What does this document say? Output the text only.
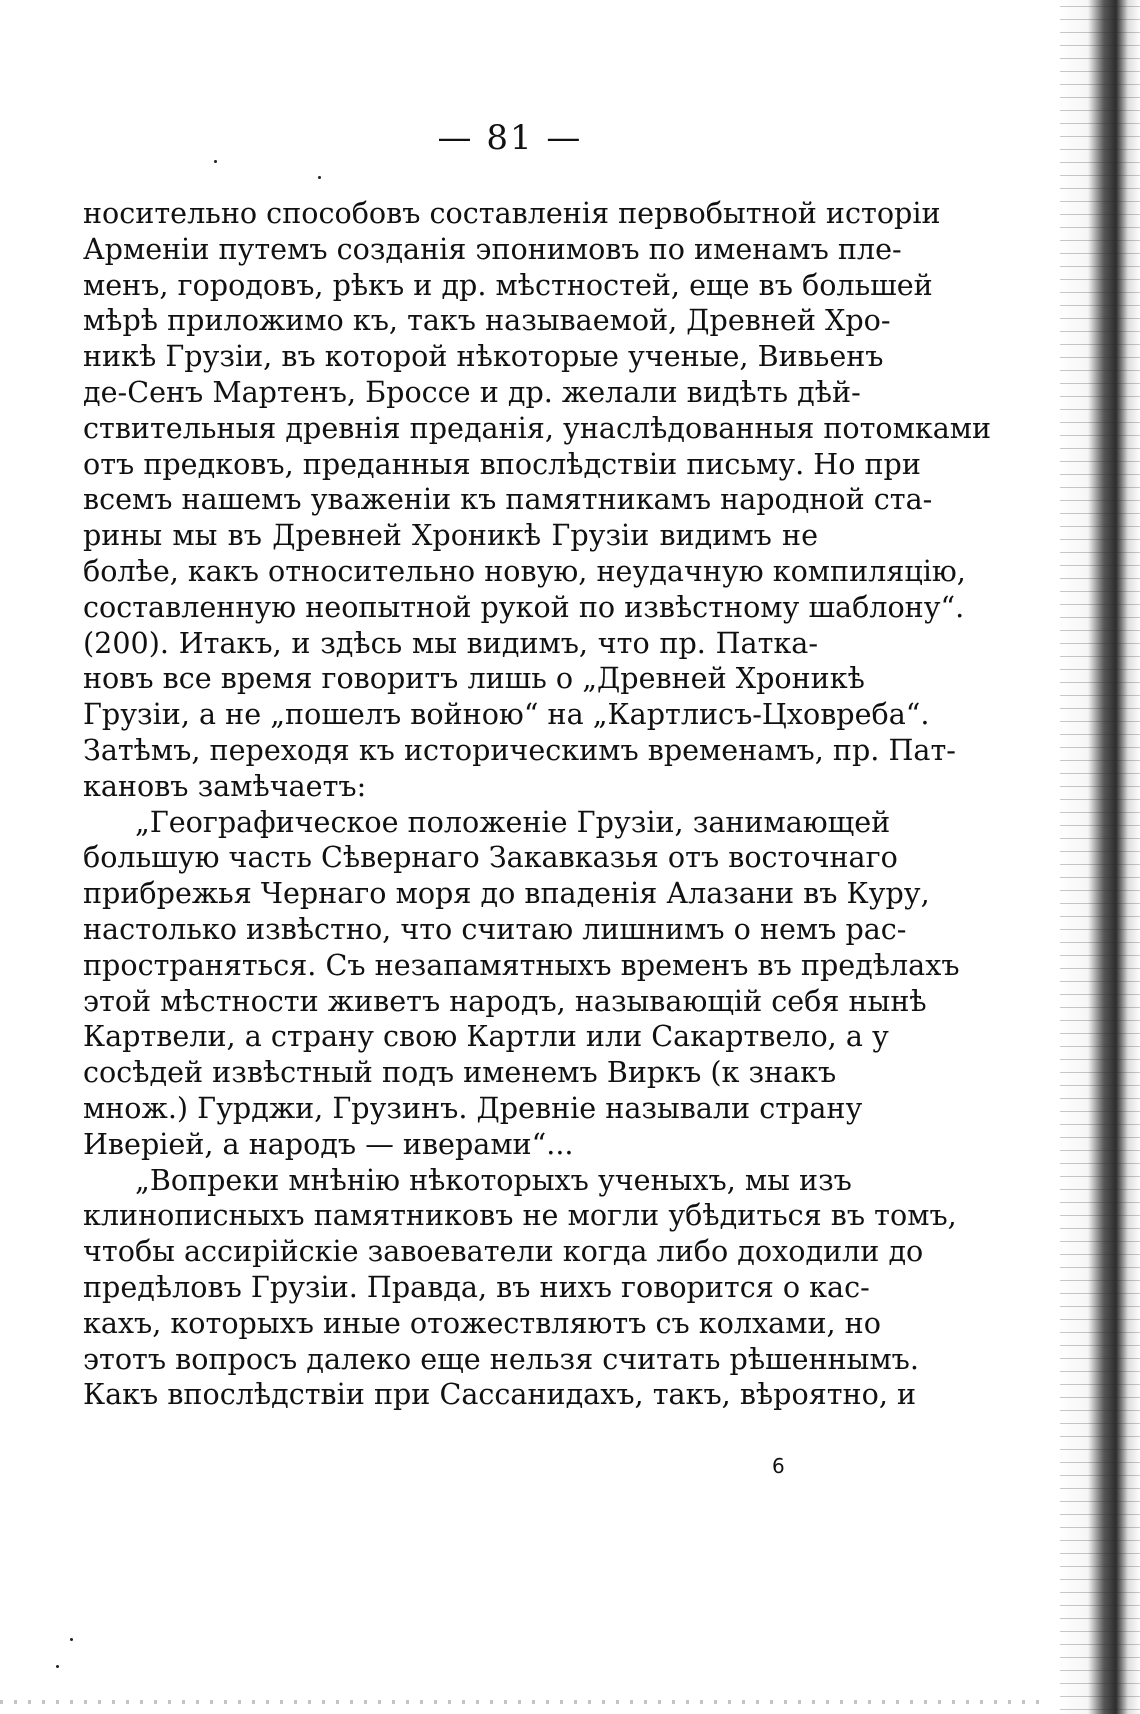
— 81 —
носительно способовъ составленія первобытной исторіи
Арменіи путемъ созданія эпонимовъ по именамъ пле-
менъ, городовъ, рѣкъ и др. мѣстностей, еще въ большей
мѣрѣ приложимо къ, такъ называемой, Древней Хро-
никѣ Грузіи, въ которой нѣкоторые ученые, Вивьенъ
де-Сенъ Мартенъ, Броссе и др. желали видѣть дѣй-
ствительныя древнія преданія, унаслѣдованныя потомками
отъ предковъ, преданныя впослѣдствіи письму. Но при
всемъ нашемъ уваженіи къ памятникамъ народной ста-
рины мы въ Древней Хроникѣ Грузіи видимъ не
болѣе, какъ относительно новую, неудачную компиляцію,
составленную неопытной рукой по извѣстному шаблону“.
(200). Итакъ, и здѣсь мы видимъ, что пр. Патка-
новъ все время говоритъ лишь о „Древней Хроникѣ
Грузіи, а не „пошелъ войною“ на „Картлисъ-Цховреба“.
Затѣмъ, переходя къ историческимъ временамъ, пр. Пат-
кановъ замѣчаетъ:
„Географическое положеніе Грузіи, занимающей
большую часть Сѣвернаго Закавказья отъ восточнаго
прибрежья Чернаго моря до впаденія Алазани въ Куру,
настолько извѣстно, что считаю лишнимъ о немъ рас-
пространяться. Съ незапамятныхъ временъ въ предѣлахъ
этой мѣстности живетъ народъ, называющій себя нынѣ
Картвели, а страну свою Картли или Сакартвело, а у
сосѣдей извѣстный подъ именемъ Виркъ (к знакъ
множ.) Гурджи, Грузинъ. Древніе называли страну
Иверіей, а народъ — иверами“...
„Вопреки мнѣнію нѣкоторыхъ ученыхъ, мы изъ
клинописныхъ памятниковъ не могли убѣдиться въ томъ,
чтобы ассирійскіе завоеватели когда либо доходили до
предѣловъ Грузіи. Правда, въ нихъ говорится о кас-
кахъ, которыхъ иные отожествляютъ съ колхами, но
этотъ вопросъ далеко еще нельзя считать рѣшеннымъ.
Какъ впослѣдствіи при Сассанидахъ, такъ, вѣроятно, и
6
